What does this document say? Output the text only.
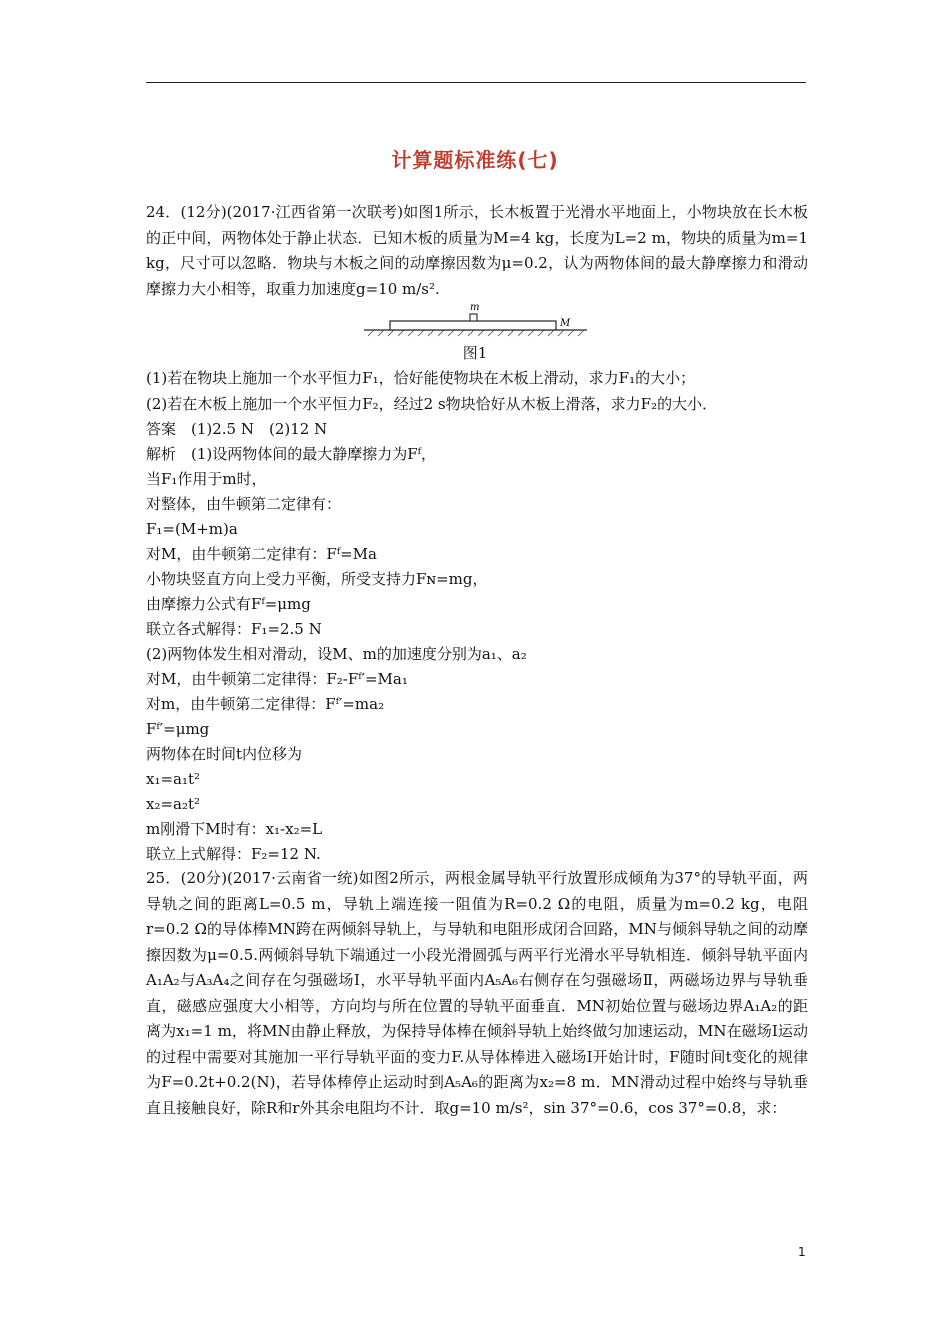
计算题标准练(七)
24．(12分)(2017·江西省第一次联考)如图1所示，长木板置于光滑水平地面上，小物块放在长木板的正中间，两物体处于静止状态．已知木板的质量为M=4 kg，长度为L=2 m，物块的质量为m=1 kg，尺寸可以忽略．物块与木板之间的动摩擦因数为μ=0.2，认为两物体间的最大静摩擦力和滑动摩擦力大小相等，取重力加速度g=10 m/s².
m
M
图1
(1)若在物块上施加一个水平恒力F₁，恰好能使物块在木板上滑动，求力F₁的大小；
(2)若在木板上施加一个水平恒力F₂，经过2 s物块恰好从木板上滑落，求力F₂的大小．
答案　(1)2.5 N　(2)12 N
解析　(1)设两物体间的最大静摩擦力为Fᶠ，
当F₁作用于m时，
对整体，由牛顿第二定律有：
F₁=(M+m)a
对M，由牛顿第二定律有：Fᶠ=Ma
小物块竖直方向上受力平衡，所受支持力Fɴ=mg，
由摩擦力公式有Fᶠ=μmg
联立各式解得：F₁=2.5 N
(2)两物体发生相对滑动，设M、m的加速度分别为a₁、a₂
对M，由牛顿第二定律得：F₂-Fᶠ′=Ma₁
对m，由牛顿第二定律得：Fᶠ′=ma₂
Fᶠ′=μmg
两物体在时间t内位移为
x₁=a₁t²
x₂=a₂t²
m刚滑下M时有：x₁-x₂=L
联立上式解得：F₂=12 N.
25．(20分)(2017·云南省一统)如图2所示，两根金属导轨平行放置形成倾角为37°的导轨平面，两导轨之间的距离L=0.5 m，导轨上端连接一阻值为R=0.2 Ω的电阻，质量为m=0.2 kg，电阻r=0.2 Ω的导体棒MN跨在两倾斜导轨上，与导轨和电阻形成闭合回路，MN与倾斜导轨之间的动摩擦因数为μ=0.5.两倾斜导轨下端通过一小段光滑圆弧与两平行光滑水平导轨相连．倾斜导轨平面内A₁A₂与A₃A₄之间存在匀强磁场Ⅰ，水平导轨平面内A₅A₆右侧存在匀强磁场Ⅱ，两磁场边界与导轨垂直，磁感应强度大小相等，方向均与所在位置的导轨平面垂直．MN初始位置与磁场边界A₁A₂的距离为x₁=1 m，将MN由静止释放，为保持导体棒在倾斜导轨上始终做匀加速运动，MN在磁场Ⅰ运动的过程中需要对其施加一平行导轨平面的变力F.从导体棒进入磁场Ⅰ开始计时，F随时间t变化的规律为F=0.2t+0.2(N)，若导体棒停止运动时到A₅A₆的距离为x₂=8 m．MN滑动过程中始终与导轨垂直且接触良好，除R和r外其余电阻均不计．取g=10 m/s²，sin 37°=0.6，cos 37°=0.8，求：
1
